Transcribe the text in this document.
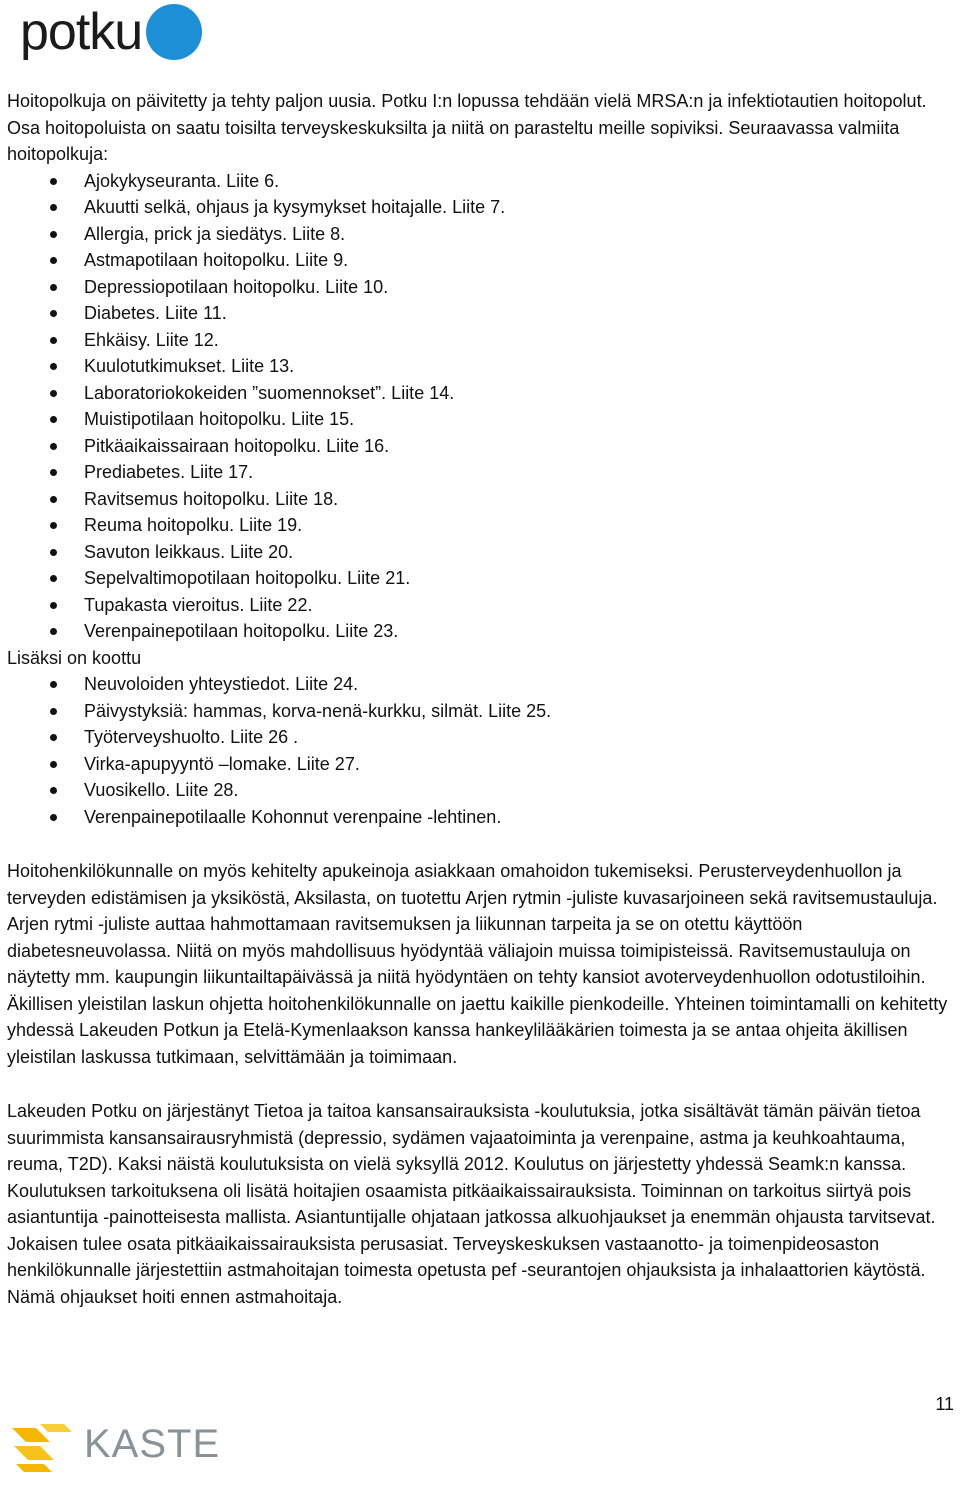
potku

Hoitopolkuja on päivitetty ja tehty paljon uusia. Potku I:n lopussa tehdään vielä MRSA:n ja infektiotautien hoitopolut. Osa hoitopoluista on saatu toisilta terveyskeskuksilta ja niitä on parasteltu meille sopiviksi. Seuraavassa valmiita hoitopolkuja:

Ajokykyseuranta. Liite 6.
Akuutti selkä, ohjaus ja kysymykset hoitajalle. Liite 7.
Allergia, prick ja siedätys. Liite 8.
Astmapotilaan hoitopolku. Liite 9.
Depressiopotilaan hoitopolku. Liite 10.
Diabetes. Liite 11.
Ehkäisy. Liite 12.
Kuulotutkimukset. Liite 13.
Laboratoriokokeiden ”suomennokset”. Liite 14.
Muistipotilaan hoitopolku. Liite 15.
Pitkäaikaissairaan hoitopolku. Liite 16.
Prediabetes. Liite 17.
Ravitsemus hoitopolku. Liite 18.
Reuma hoitopolku. Liite 19.
Savuton leikkaus. Liite 20.
Sepelvaltimopotilaan hoitopolku. Liite 21.
Tupakasta vieroitus. Liite 22.
Verenpainepotilaan hoitopolku. Liite 23.

Lisäksi on koottu

Neuvoloiden yhteystiedot. Liite 24.
Päivystyksiä: hammas, korva-nenä-kurkku, silmät. Liite 25.
Työterveyshuolto. Liite 26 .
Virka-apupyyntö –lomake. Liite 27.
Vuosikello. Liite 28.
Verenpainepotilaalle Kohonnut verenpaine -lehtinen.

Hoitohenkilökunnalle on myös kehitelty apukeinoja asiakkaan omahoidon tukemiseksi. Perusterveydenhuollon ja terveyden edistämisen ja yksiköstä, Aksilasta, on tuotettu Arjen rytmin -juliste kuvasarjoineen sekä ravitsemustauluja. Arjen rytmi -juliste auttaa hahmottamaan ravitsemuksen ja liikunnan tarpeita ja se on otettu käyttöön diabetesneuvolassa. Niitä on myös mahdollisuus hyödyntää väliajoin muissa toimipisteissä. Ravitsemustauluja on näytetty mm. kaupungin liikuntailtapäivässä ja niitä hyödyntäen on tehty kansiot avoterveydenhuollon odotustiloihin. Äkillisen yleistilan laskun ohjetta hoitohenkilökunnalle on jaettu kaikille pienkodeille. Yhteinen toimintamalli on kehitetty yhdessä Lakeuden Potkun ja Etelä-Kymenlaakson kanssa hankeylilääkärien toimesta ja se antaa ohjeita äkillisen yleistilan laskussa tutkimaan, selvittämään ja toimimaan.

Lakeuden Potku on järjestänyt Tietoa ja taitoa kansansairauksista -koulutuksia, jotka sisältävät tämän päivän tietoa suurimmista kansansairausryhmistä (depressio, sydämen vajaatoiminta ja verenpaine, astma ja keuhkoahtauma, reuma, T2D). Kaksi näistä koulutuksista on vielä syksyllä 2012. Koulutus on järjestetty yhdessä Seamk:n kanssa. Koulutuksen tarkoituksena oli lisätä hoitajien osaamista pitkäaikaissairauksista. Toiminnan on tarkoitus siirtyä pois asiantuntija -painotteisesta mallista. Asiantuntijalle ohjataan jatkossa alkuohjaukset ja enemmän ohjausta tarvitsevat. Jokaisen tulee osata pitkäaikaissairauksista perusasiat. Terveyskeskuksen vastaanotto- ja toimenpideosaston henkilökunnalle järjestettiin astmahoitajan toimesta opetusta pef -seurantojen ohjauksista ja inhalaattorien käytöstä. Nämä ohjaukset hoiti ennen astmahoitaja.

11
KASTE
